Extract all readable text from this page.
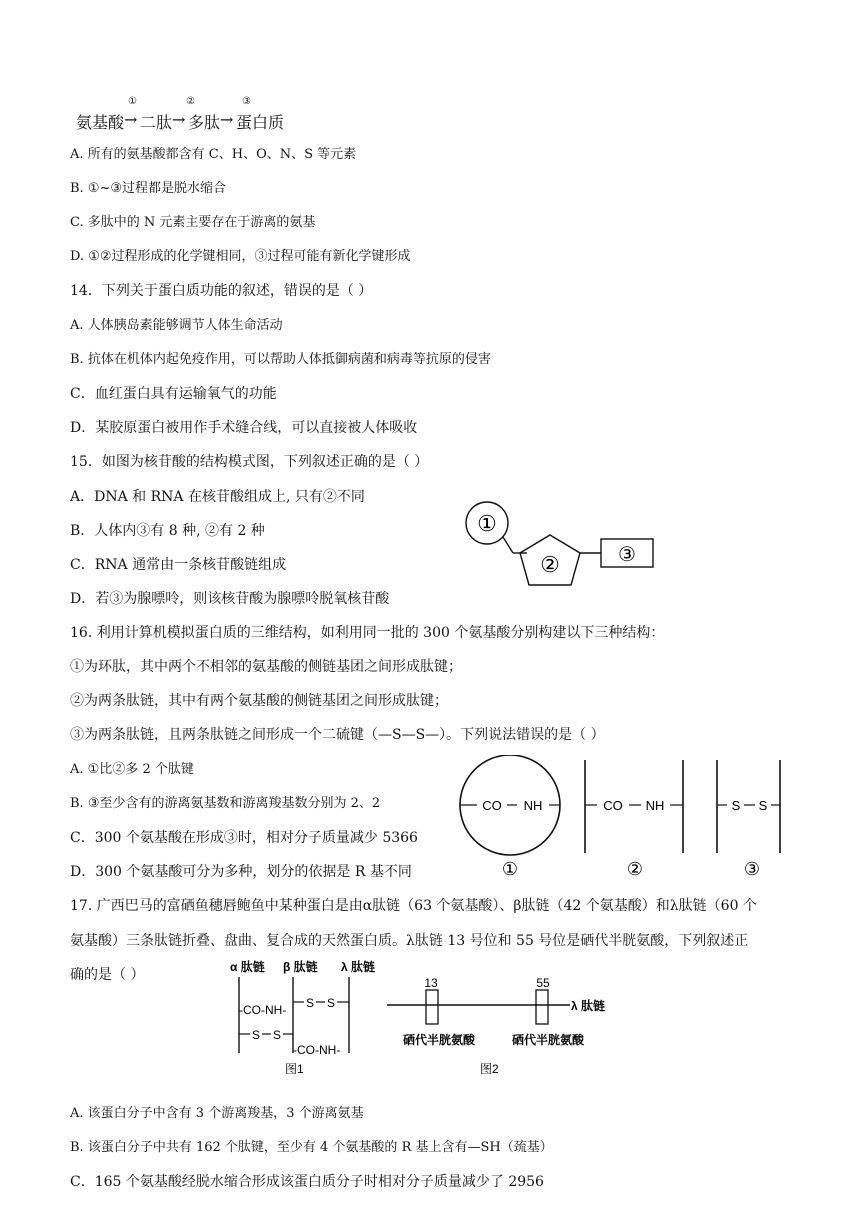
氨基酸 →
①
二肽 →
②
多肽 →
③
蛋白质
A. 所有的氨基酸都含有 C、H、O、N、S 等元素
B. ①~③过程都是脱水缩合
C. 多肽中的 N 元素主要存在于游离的氨基
D. ①②过程形成的化学键相同，③过程可能有新化学键形成
14．下列关于蛋白质功能的叙述，错误的是（ ）
A. 人体胰岛素能够调节人体生命活动
B. 抗体在机体内起免疫作用，可以帮助人体抵御病菌和病毒等抗原的侵害
C．血红蛋白具有运输氧气的功能
D．某胶原蛋白被用作手术缝合线，可以直接被人体吸收
15．如图为核苷酸的结构模式图，下列叙述正确的是（ ）
A．DNA 和 RNA 在核苷酸组成上, 只有②不同
B．人体内③有 8 种, ②有 2 种
C．RNA 通常由一条核苷酸链组成
D．若③为腺嘌呤，则该核苷酸为腺嘌呤脱氧核苷酸
①
②	③
16. 利用计算机模拟蛋白质的三维结构，如利用同一批的 300 个氨基酸分别构建以下三种结构：
①为环肽，其中两个不相邻的氨基酸的侧链基团之间形成肽键；
②为两条肽链，其中有两个氨基酸的侧链基团之间形成肽键；
③为两条肽链，且两条肽链之间形成一个二硫键（—S—S—）。下列说法错误的是（ ）
A. ①比②多 2 个肽键
B. ③至少含有的游离氨基数和游离羧基数分别为 2、2
C．300 个氨基酸在形成③时，相对分子质量减少 5366
D．300 个氨基酸可分为多种，划分的依据是 R 基不同
CO NH
①
CO NH
②
S S
③
17. 广西巴马的富硒鱼穗唇鲍鱼中某种蛋白是由α肽链（63 个氨基酸）、β肽链（42 个氨基酸）和λ肽链（60 个
氨基酸）三条肽链折叠、盘曲、复合成的天然蛋白质。λ肽链 13 号位和 55 号位是硒代半胱氨酸，下列叙述正
确的是（ ）	α 肽链 β 肽链 λ 肽链
-CO-NH- S S
S S
-CO-NH-
图1
λ 肽链
13	55
硒代半胱氨酸	硒代半胱氨酸
图2
A. 该蛋白分子中含有 3 个游离羧基，3 个游离氨基
B. 该蛋白分子中共有 162 个肽键，至少有 4 个氨基酸的 R 基上含有—SH（巯基）
C．165 个氨基酸经脱水缩合形成该蛋白质分子时相对分子质量减少了 2956
